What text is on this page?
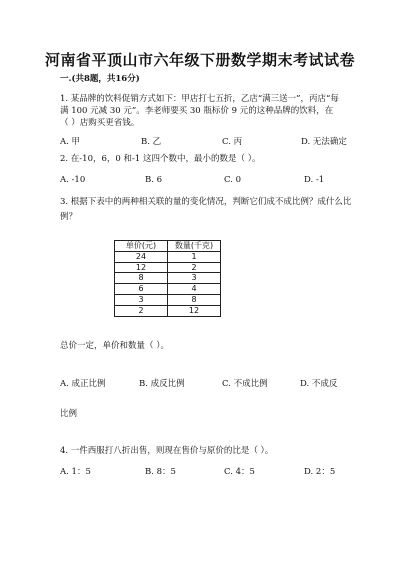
河南省平顶山市六年级下册数学期末考试试卷
一.(共8题，共16分)
1. 某品牌的饮料促销方式如下：甲店打七五折，乙店“满三送一”，丙店“每
满 100 元减 30 元”。李老师要买 30 瓶标价 9 元的这种品牌的饮料，在
（ ）店购买更省钱。
A. 甲	B. 乙	C. 丙	D. 无法确定
2. 在-10，6，0 和-1 这四个数中，最小的数是（ ）。
A. -10	B. 6	C. 0	D. -1
3. 根据下表中的两种相关联的量的变化情况，判断它们成不成比例？成什么比
例？
单价(元)	数量(千克)
24	1
12	2
8	3
6	4
3	8
2	12
总价一定，单价和数量（ ）。
A. 成正比例	B. 成反比例	C. 不成比例	D. 不成反
比例
4. 一件西服打八折出售，则现在售价与原价的比是（ ）。
A. 1：5	B. 8：5	C. 4：5	D. 2：5
